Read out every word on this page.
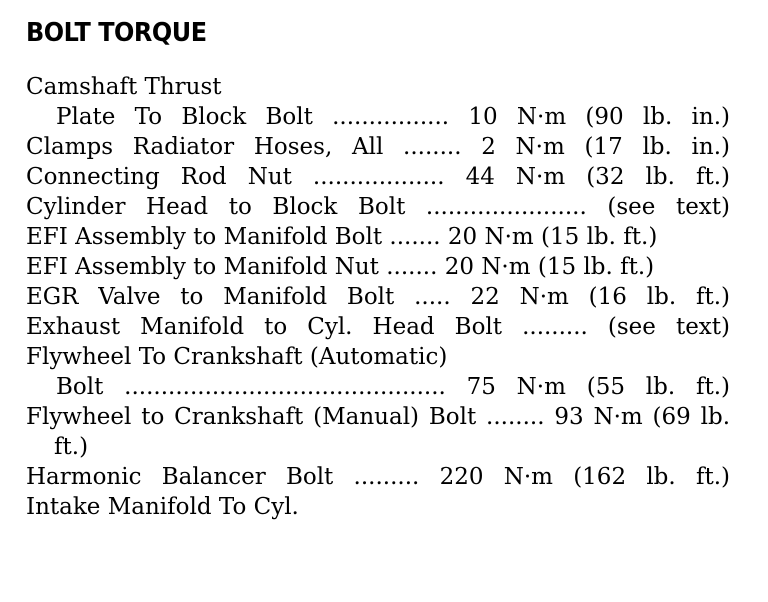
BOLT TORQUE
Camshaft Thrust
Plate To Block Bolt ................ 10 N·m (90 lb. in.)
Clamps Radiator Hoses, All ........ 2 N·m (17 lb. in.)
Connecting Rod Nut .................. 44 N·m (32 lb. ft.)
Cylinder Head to Block Bolt ...................... (see text)
EFI Assembly to Manifold Bolt ....... 20 N·m (15 lb. ft.)
EFI Assembly to Manifold Nut ....... 20 N·m (15 lb. ft.)
EGR Valve to Manifold Bolt ..... 22 N·m (16 lb. ft.)
Exhaust Manifold to Cyl. Head Bolt ......... (see text)
Flywheel To Crankshaft (Automatic)
Bolt ............................................ 75 N·m (55 lb. ft.)
Flywheel to Crankshaft (Manual) Bolt ........ 93 N·m (69 lb. ft.)
Harmonic Balancer Bolt ......... 220 N·m (162 lb. ft.)
Intake Manifold To Cyl.
